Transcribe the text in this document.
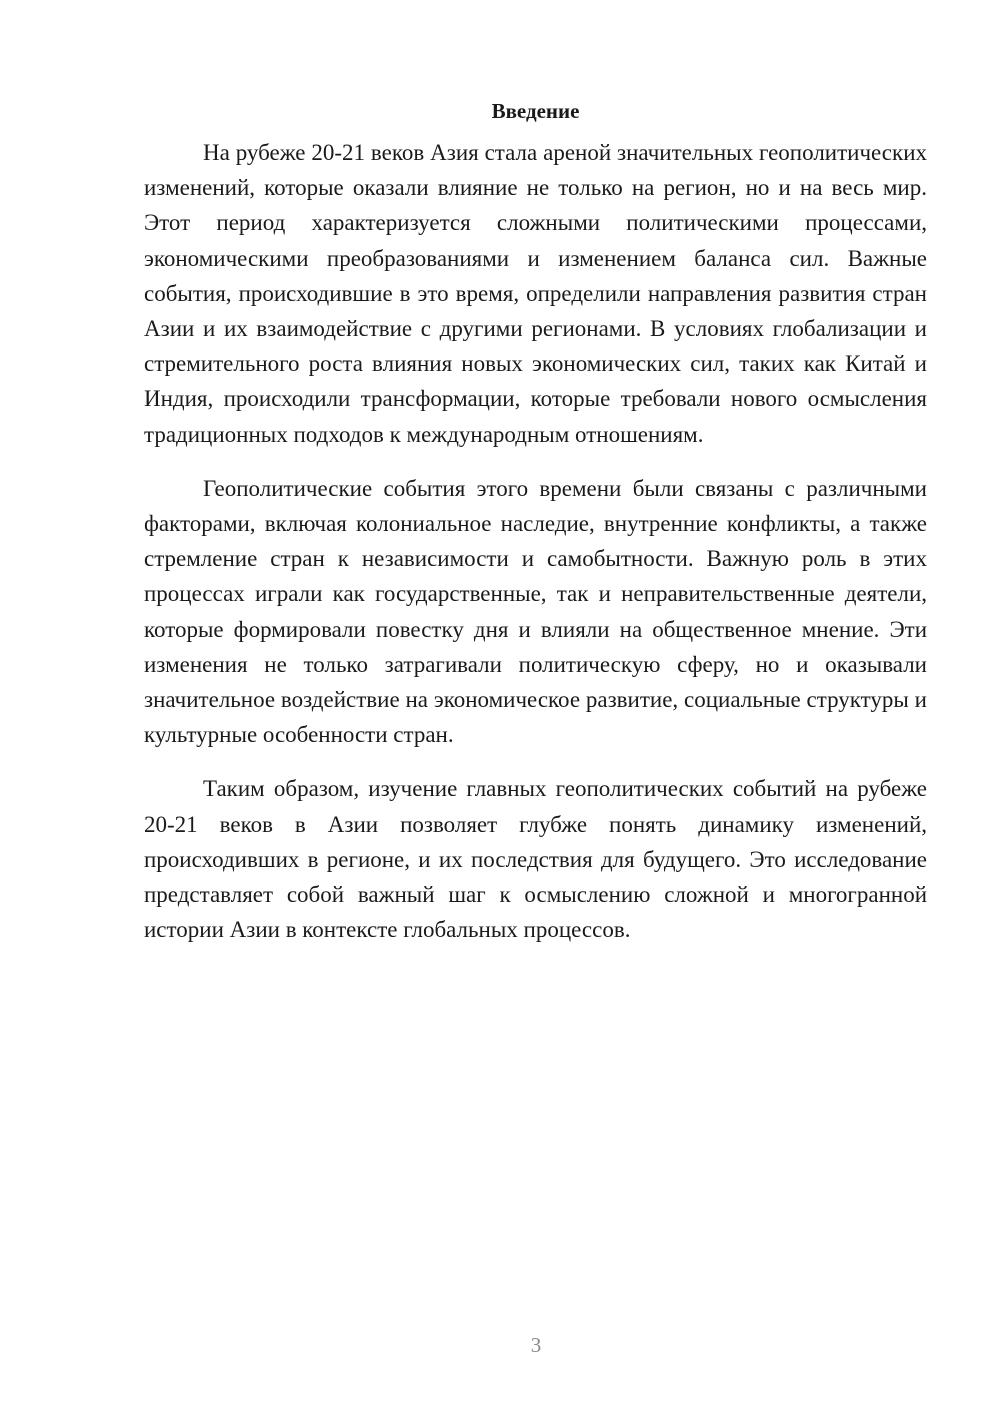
Введение

На рубеже 20-21 веков Азия стала ареной значительных геополитических изменений, которые оказали влияние не только на регион, но и на весь мир. Этот период характеризуется сложными политическими процессами, экономическими преобразованиями и изменением баланса сил. Важные события, происходившие в это время, определили направления развития стран Азии и их взаимодействие с другими регионами. В условиях глобализации и стремительного роста влияния новых экономических сил, таких как Китай и Индия, происходили трансформации, которые требовали нового осмысления традиционных подходов к международным отношениям.

Геополитические события этого времени были связаны с различными факторами, включая колониальное наследие, внутренние конфликты, а также стремление стран к независимости и самобытности. Важную роль в этих процессах играли как государственные, так и неправительственные деятели, которые формировали повестку дня и влияли на общественное мнение. Эти изменения не только затрагивали политическую сферу, но и оказывали значительное воздействие на экономическое развитие, социальные структуры и культурные особенности стран.

Таким образом, изучение главных геополитических событий на рубеже 20-21 веков в Азии позволяет глубже понять динамику изменений, происходивших в регионе, и их последствия для будущего. Это исследование представляет собой важный шаг к осмыслению сложной и многогранной истории Азии в контексте глобальных процессов.

3
